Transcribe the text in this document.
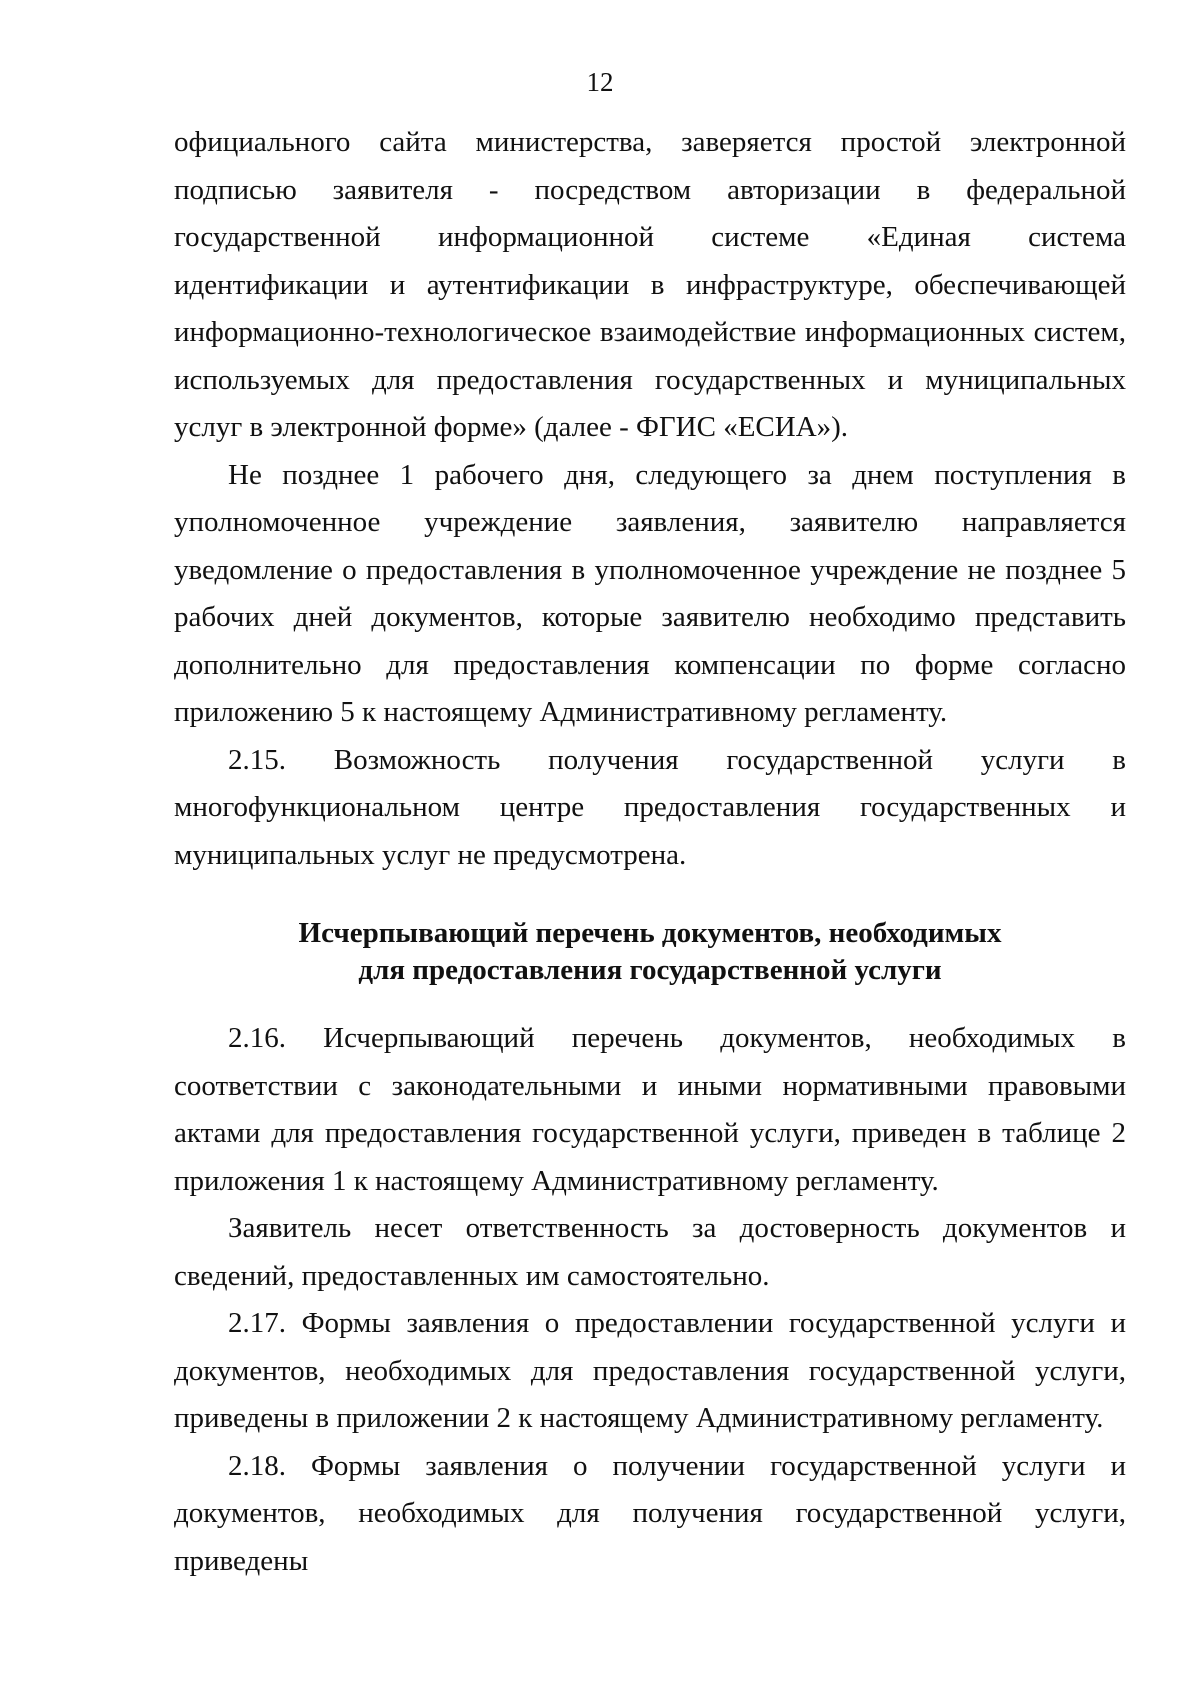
12

официального сайта министерства, заверяется простой электронной подписью заявителя - посредством авторизации в федеральной государственной информационной системе «Единая система идентификации и аутентификации в инфраструктуре, обеспечивающей информационно-технологическое взаимодействие информационных систем, используемых для предоставления государственных и муниципальных услуг в электронной форме» (далее - ФГИС «ЕСИА»).

Не позднее 1 рабочего дня, следующего за днем поступления в уполномоченное учреждение заявления, заявителю направляется уведомление о предоставления в уполномоченное учреждение не позднее 5 рабочих дней документов, которые заявителю необходимо представить дополнительно для предоставления компенсации по форме согласно приложению 5 к настоящему Административному регламенту.

2.15. Возможность получения государственной услуги в многофункциональном центре предоставления государственных и муниципальных услуг не предусмотрена.

Исчерпывающий перечень документов, необходимых
для предоставления государственной услуги

2.16. Исчерпывающий перечень документов, необходимых в соответствии с законодательными и иными нормативными правовыми актами для предоставления государственной услуги, приведен в таблице 2 приложения 1 к настоящему Административному регламенту.

Заявитель несет ответственность за достоверность документов и сведений, предоставленных им самостоятельно.

2.17. Формы заявления о предоставлении государственной услуги и документов, необходимых для предоставления государственной услуги, приведены в приложении 2 к настоящему Административному регламенту.

2.18. Формы заявления о получении государственной услуги и документов, необходимых для получения государственной услуги, приведены
